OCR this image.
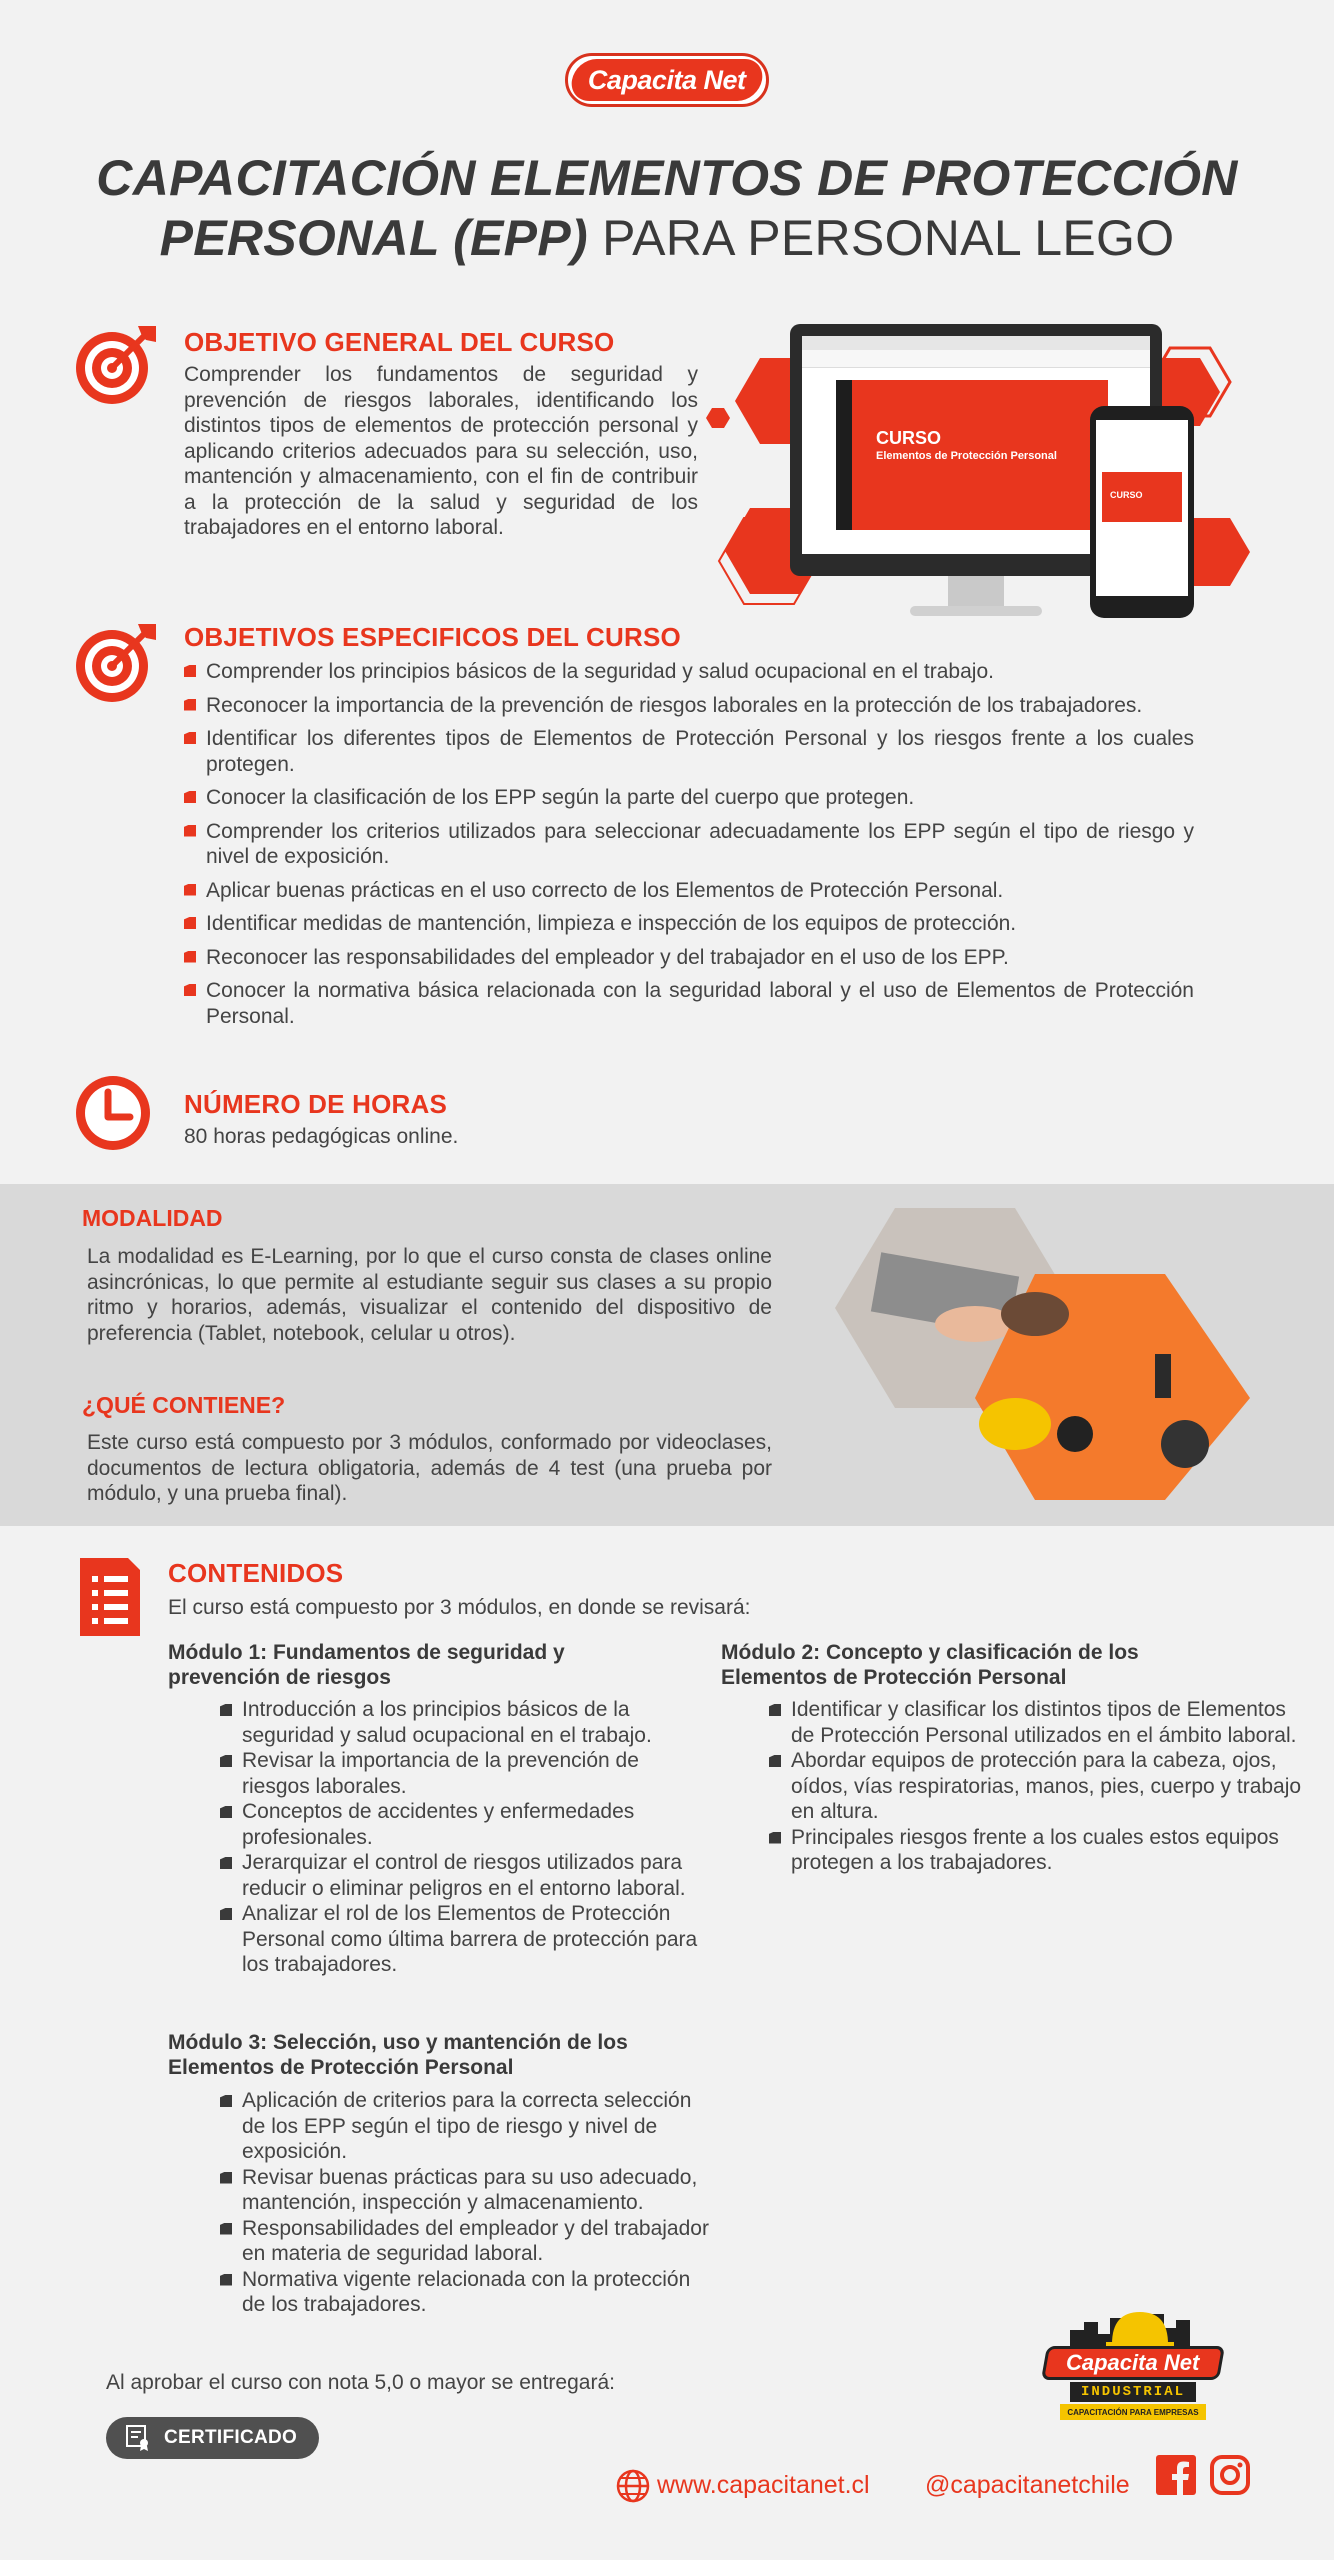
Capacita Net
CAPACITACIÓN ELEMENTOS DE PROTECCIÓN
PERSONAL (EPP) PARA PERSONAL LEGO
OBJETIVO GENERAL DEL CURSO
Comprender los fundamentos de seguridad y prevención de riesgos laborales, identificando los distintos tipos de elementos de protección personal y aplicando criterios adecuados para su selección, uso, mantención y almacenamiento, con el fin de contribuir a la protección de la salud y seguridad de los trabajadores en el entorno laboral.
CURSO
Elementos de Protección Personal
CURSO
OBJETIVOS ESPECIFICOS DEL CURSO
Comprender los principios básicos de la seguridad y salud ocupacional en el trabajo.
Reconocer la importancia de la prevención de riesgos laborales en la protección de los trabajadores.
Identificar los diferentes tipos de Elementos de Protección Personal y los riesgos frente a los cuales protegen.
Conocer la clasificación de los EPP según la parte del cuerpo que protegen.
Comprender los criterios utilizados para seleccionar adecuadamente los EPP según el tipo de riesgo y nivel de exposición.
Aplicar buenas prácticas en el uso correcto de los Elementos de Protección Personal.
Identificar medidas de mantención, limpieza e inspección de los equipos de protección.
Reconocer las responsabilidades del empleador y del trabajador en el uso de los EPP.
Conocer la normativa básica relacionada con la seguridad laboral y el uso de Elementos de Protección Personal.
NÚMERO DE HORAS
80 horas pedagógicas online.
MODALIDAD
La modalidad es E-Learning, por lo que el curso consta de clases online asincrónicas, lo que permite al estudiante seguir sus clases a su propio ritmo y horarios, además, visualizar el contenido del dispositivo de preferencia (Tablet, notebook, celular u otros).
¿QUÉ CONTIENE?
Este curso está compuesto por 3 módulos, conformado por videoclases, documentos de lectura obligatoria, además de 4 test (una prueba por módulo, y una prueba final).
CONTENIDOS
El curso está compuesto por 3 módulos, en donde se revisará:
Módulo 1: Fundamentos de seguridad y prevención de riesgos
Introducción a los principios básicos de la seguridad y salud ocupacional en el trabajo.
Revisar la importancia de la prevención de riesgos laborales.
Conceptos de accidentes y enfermedades profesionales.
Jerarquizar el control de riesgos utilizados para reducir o eliminar peligros en el entorno laboral.
Analizar el rol de los Elementos de Protección Personal como última barrera de protección para los trabajadores.
Módulo 2: Concepto y clasificación de los Elementos de Protección Personal
Identificar y clasificar los distintos tipos de Elementos de Protección Personal utilizados en el ámbito laboral.
Abordar equipos de protección para la cabeza, ojos, oídos, vías respiratorias, manos, pies, cuerpo y trabajo en altura.
Principales riesgos frente a los cuales estos equipos protegen a los trabajadores.
Módulo 3: Selección, uso y mantención de los Elementos de Protección Personal
Aplicación de criterios para la correcta selección de los EPP según el tipo de riesgo y nivel de exposición.
Revisar buenas prácticas para su uso adecuado, mantención, inspección y almacenamiento.
Responsabilidades del empleador y del trabajador en materia de seguridad laboral.
Normativa vigente relacionada con la protección de los trabajadores.
Al aprobar el curso con nota 5,0 o mayor se entregará:
CERTIFICADO
Capacita Net
INDUSTRIAL
CAPACITACIÓN PARA EMPRESAS
www.capacitanet.cl @capacitanetchile
